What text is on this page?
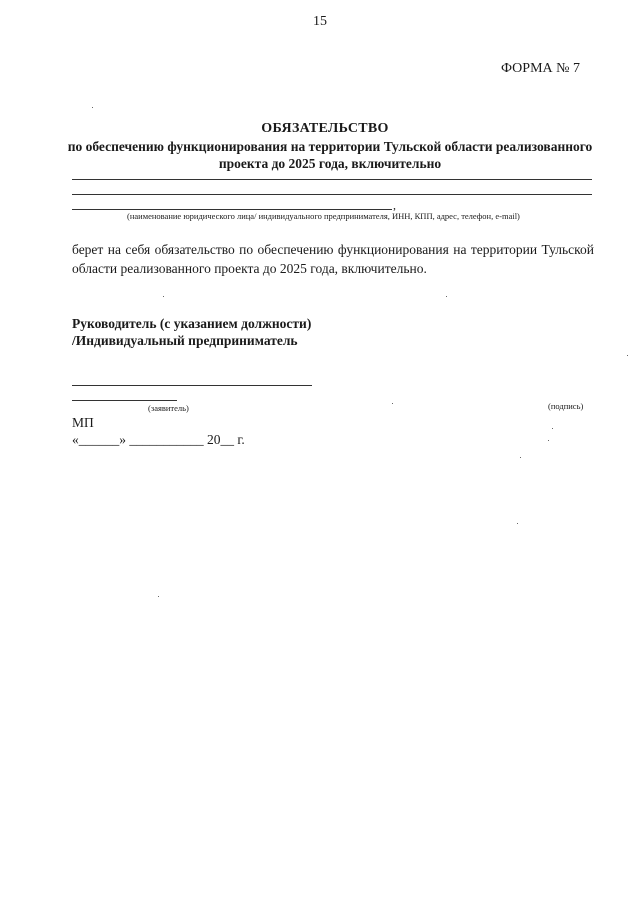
15
ФОРМА № 7
ОБЯЗАТЕЛЬСТВО
по обеспечению функционирования на территории Тульской области реализованного
проекта до 2025 года, включительно
,
(наименование юридического лица/ индивидуального предпринимателя, ИНН, КПП, адрес, телефон, e-mail)
берет на себя обязательство по обеспечению функционирования на территории Тульской области реализованного проекта до 2025 года, включительно.
Руководитель (с указанием должности)
/Индивидуальный предприниматель
(заявитель)	(подпись)
МП
«______» ___________ 20__ г.
